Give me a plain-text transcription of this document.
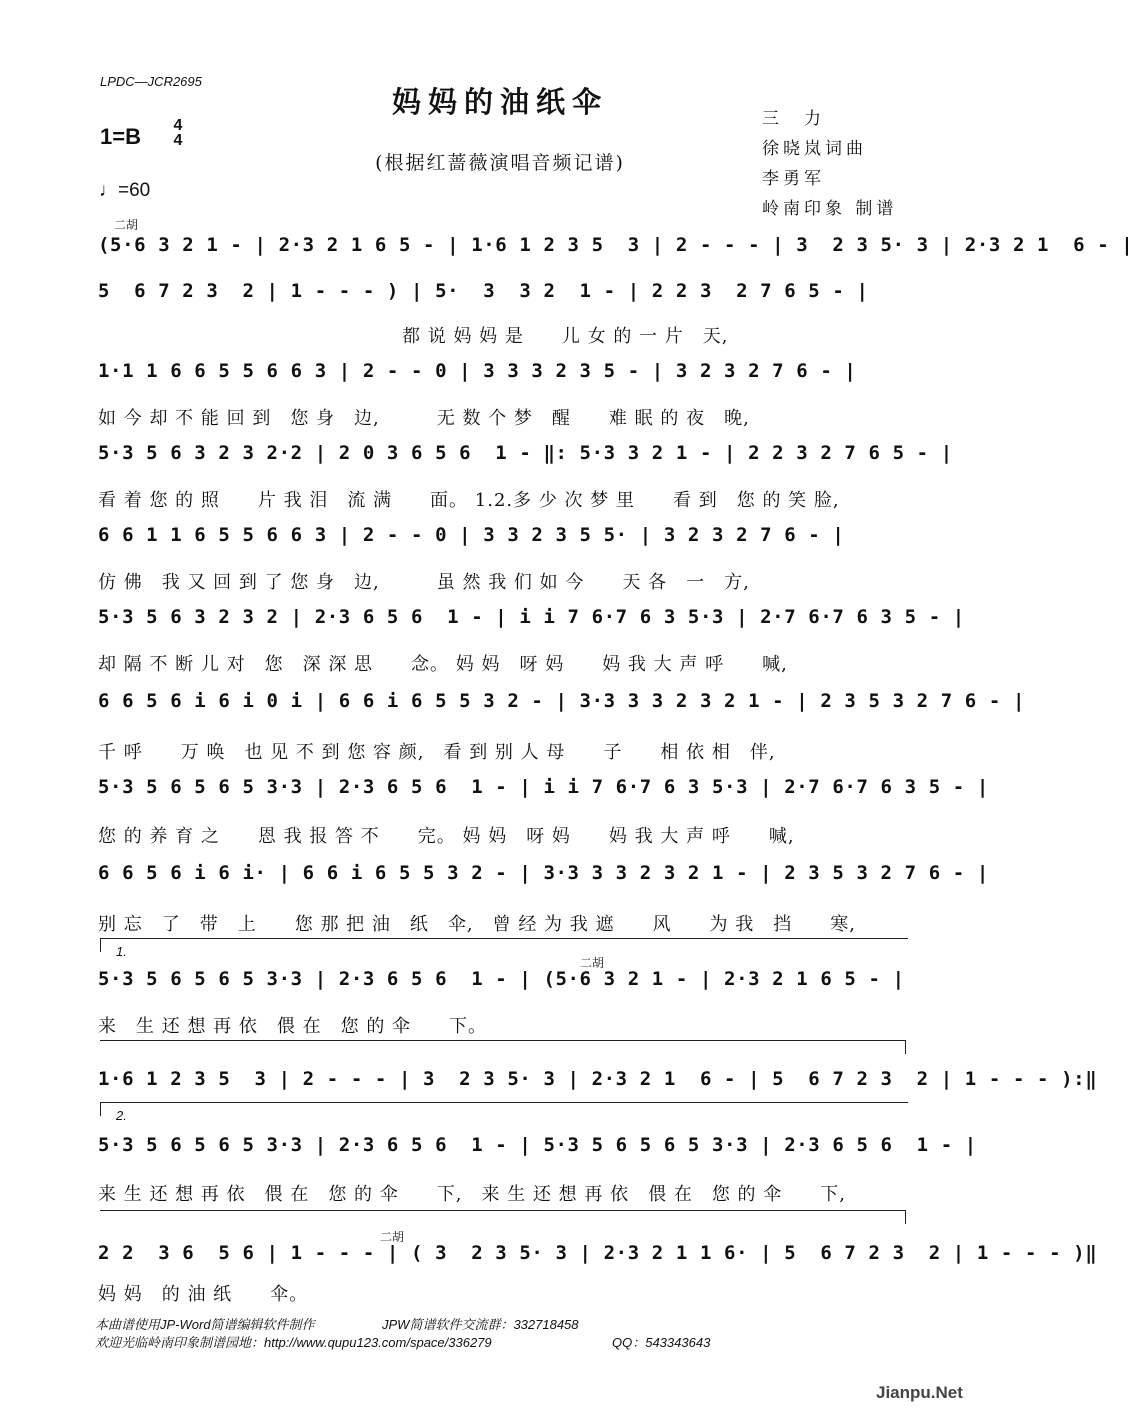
LPDC—JCR2695
妈妈的油纸伞
(根据红蔷薇演唱音频记谱)
1=B 4
4
♩=60
三　力
徐晓岚词曲
李勇军
岭南印象 制谱
二胡
二胡
二胡
(5·6 3 2 1 - | 2·3 2 1 6 5 - | 1·6 1 2 3 5  3 | 2 - - - | 3  2 3 5· 3 | 2·3 2 1  6 - |
5  6 7 2 3  2 | 1 - - - ) | 5·  3  3 2  1 - | 2 2 3  2 7 6 5 - |
　　　　　　　　　　　　　　　　都 说 妈 妈 是　　儿 女 的 一 片　天,
1·1 1 6 6 5 5 6 6 3 | 2 - - 0 | 3 3 3 2 3 5 - | 3 2 3 2 7 6 - |
如 今 却 不 能 回 到　您 身　边,　　　无 数 个 梦　醒　　难 眠 的 夜　晚,
5·3 5 6 3 2 3 2·2 | 2 0 3 6 5 6  1 - ‖: 5·3 3 2 1 - | 2 2 3 2 7 6 5 - |
看 着 您 的 照　　片 我 泪　流 满　　面。 1.2.多 少 次 梦 里　　看 到　您 的 笑 脸,
6 6 1 1 6 5 5 6 6 3 | 2 - - 0 | 3 3 2 3 5 5· | 3 2 3 2 7 6 - |
仿 佛　我 又 回 到 了 您 身　边,　　　虽 然 我 们 如 今　　天 各　一　方,
5·3 5 6 3 2 3 2 | 2·3 6 5 6  1 - | i i 7 6·7 6 3 5·3 | 2·7 6·7 6 3 5 - |
却 隔 不 断 儿 对　您　深 深 思　　念。 妈 妈　呀 妈　　妈 我 大 声 呼　　喊,
6 6 5 6 i 6 i 0 i | 6 6 i 6 5 5 3 2 - | 3·3 3 3 2 3 2 1 - | 2 3 5 3 2 7 6 - |
千 呼　　万 唤　也 见 不 到 您 容 颜,　看 到 别 人 母　　子　　相 依 相　伴,
5·3 5 6 5 6 5 3·3 | 2·3 6 5 6  1 - | i i 7 6·7 6 3 5·3 | 2·7 6·7 6 3 5 - |
您 的 养 育 之　　恩 我 报 答 不　　完。 妈 妈　呀 妈　　妈 我 大 声 呼　　喊,
6 6 5 6 i 6 i· | 6 6 i 6 5 5 3 2 - | 3·3 3 3 2 3 2 1 - | 2 3 5 3 2 7 6 - |
别 忘　了　带　上　　您 那 把 油　纸　伞,　曾 经 为 我 遮　　风　　为 我　挡　　寒,
1.
5·3 5 6 5 6 5 3·3 | 2·3 6 5 6  1 - | (5·6 3 2 1 - | 2·3 2 1 6 5 - |
来　生 还 想 再 依　偎 在　您 的 伞　　下。
1·6 1 2 3 5  3 | 2 - - - | 3  2 3 5· 3 | 2·3 2 1  6 - | 5  6 7 2 3  2 | 1 - - - ):‖
2.
5·3 5 6 5 6 5 3·3 | 2·3 6 5 6  1 - | 5·3 5 6 5 6 5 3·3 | 2·3 6 5 6  1 - |
来 生 还 想 再 依　偎 在　您 的 伞　　下,　来 生 还 想 再 依　偎 在　您 的 伞　　下,
2 2  3 6  5 6 | 1 - - - | ( 3  2 3 5· 3 | 2·3 2 1 1 6· | 5  6 7 2 3  2 | 1 - - - )‖
妈 妈　的 油 纸　　伞。
本曲谱使用JP-Word简谱编辑软件制作	JPW简谱软件交流群：332718458
欢迎光临岭南印象制谱园地：http://www.qupu123.com/space/336279	QQ：543343643
Jianpu.Net
